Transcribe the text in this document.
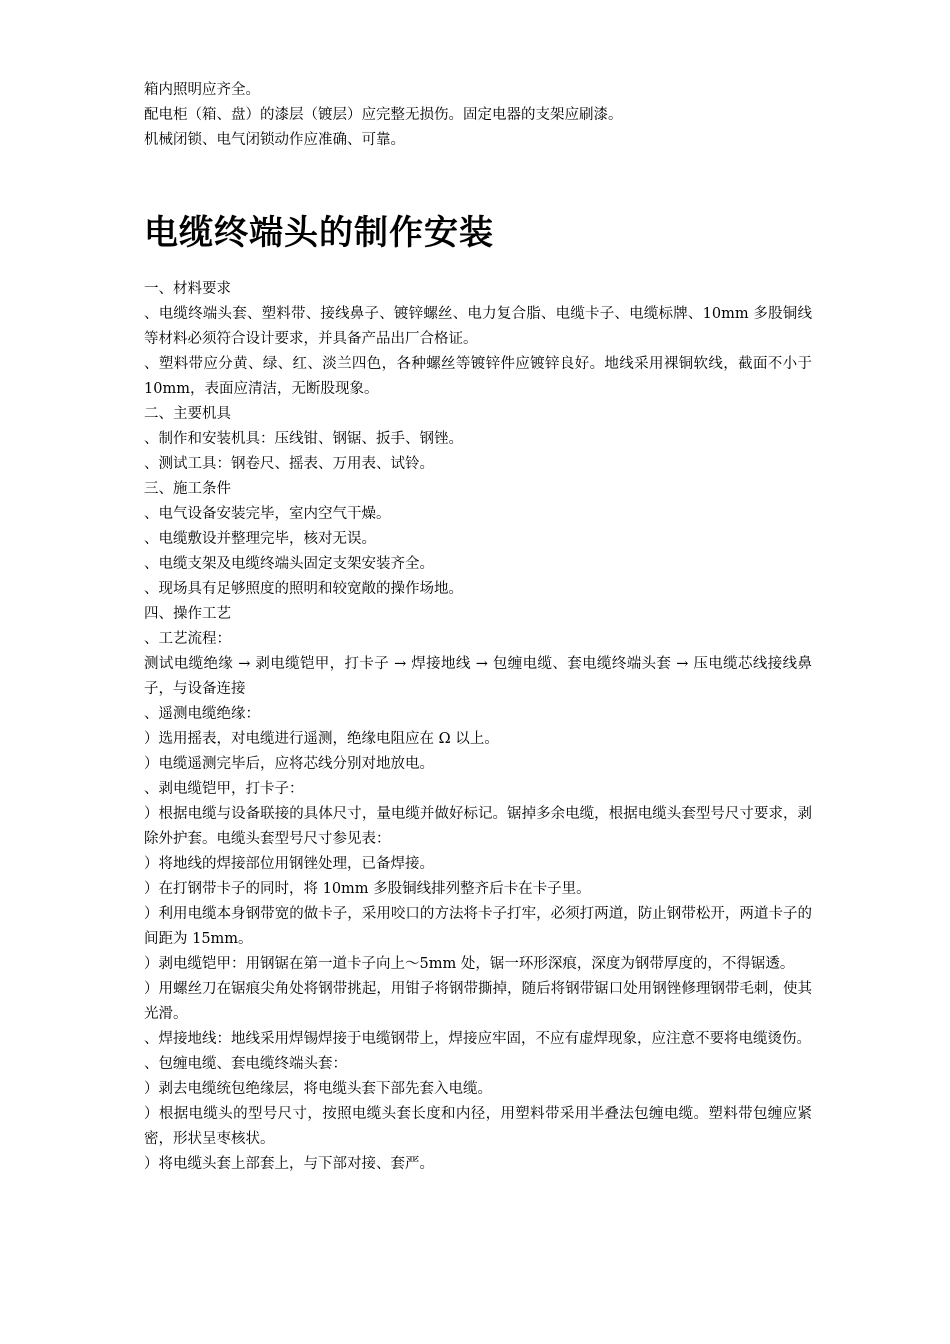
箱内照明应齐全。
配电柜（箱、盘）的漆层（镀层）应完整无损伤。固定电器的支架应刷漆。
机械闭锁、电气闭锁动作应准确、可靠。
电缆终端头的制作安装
一、材料要求
、电缆终端头套、塑料带、接线鼻子、镀锌螺丝、电力复合脂、电缆卡子、电缆标牌、10mm 多股铜线等材料必须符合设计要求，并具备产品出厂合格证。
、塑料带应分黄、绿、红、淡兰四色，各种螺丝等镀锌件应镀锌良好。地线采用裸铜软线，截面不小于 10mm，表面应清洁，无断股现象。
二、主要机具
、制作和安装机具：压线钳、钢锯、扳手、钢锉。
、测试工具：钢卷尺、摇表、万用表、试铃。
三、施工条件
、电气设备安装完毕，室内空气干燥。
、电缆敷设并整理完毕，核对无误。
、电缆支架及电缆终端头固定支架安装齐全。
、现场具有足够照度的照明和较宽敞的操作场地。
四、操作工艺
、工艺流程：
测试电缆绝缘 → 剥电缆铠甲，打卡子 → 焊接地线 → 包缠电缆、套电缆终端头套 → 压电缆芯线接线鼻子，与设备连接
、遥测电缆绝缘：
）选用摇表，对电缆进行遥测，绝缘电阻应在 Ω 以上。
）电缆遥测完毕后，应将芯线分别对地放电。
、剥电缆铠甲，打卡子：
）根据电缆与设备联接的具体尺寸，量电缆并做好标记。锯掉多余电缆，根据电缆头套型号尺寸要求，剥除外护套。电缆头套型号尺寸参见表：
）将地线的焊接部位用钢锉处理，已备焊接。
）在打钢带卡子的同时，将 10mm 多股铜线排列整齐后卡在卡子里。
）利用电缆本身钢带宽的做卡子，采用咬口的方法将卡子打牢，必须打两道，防止钢带松开，两道卡子的间距为 15mm。
）剥电缆铠甲：用钢锯在第一道卡子向上～5mm 处，锯一环形深痕，深度为钢带厚度的，不得锯透。
）用螺丝刀在锯痕尖角处将钢带挑起，用钳子将钢带撕掉，随后将钢带锯口处用钢锉修理钢带毛刺，使其光滑。
、焊接地线：地线采用焊锡焊接于电缆钢带上，焊接应牢固，不应有虚焊现象，应注意不要将电缆烫伤。
、包缠电缆、套电缆终端头套：
）剥去电缆统包绝缘层，将电缆头套下部先套入电缆。
）根据电缆头的型号尺寸，按照电缆头套长度和内径，用塑料带采用半叠法包缠电缆。塑料带包缠应紧密，形状呈枣核状。
）将电缆头套上部套上，与下部对接、套严。
